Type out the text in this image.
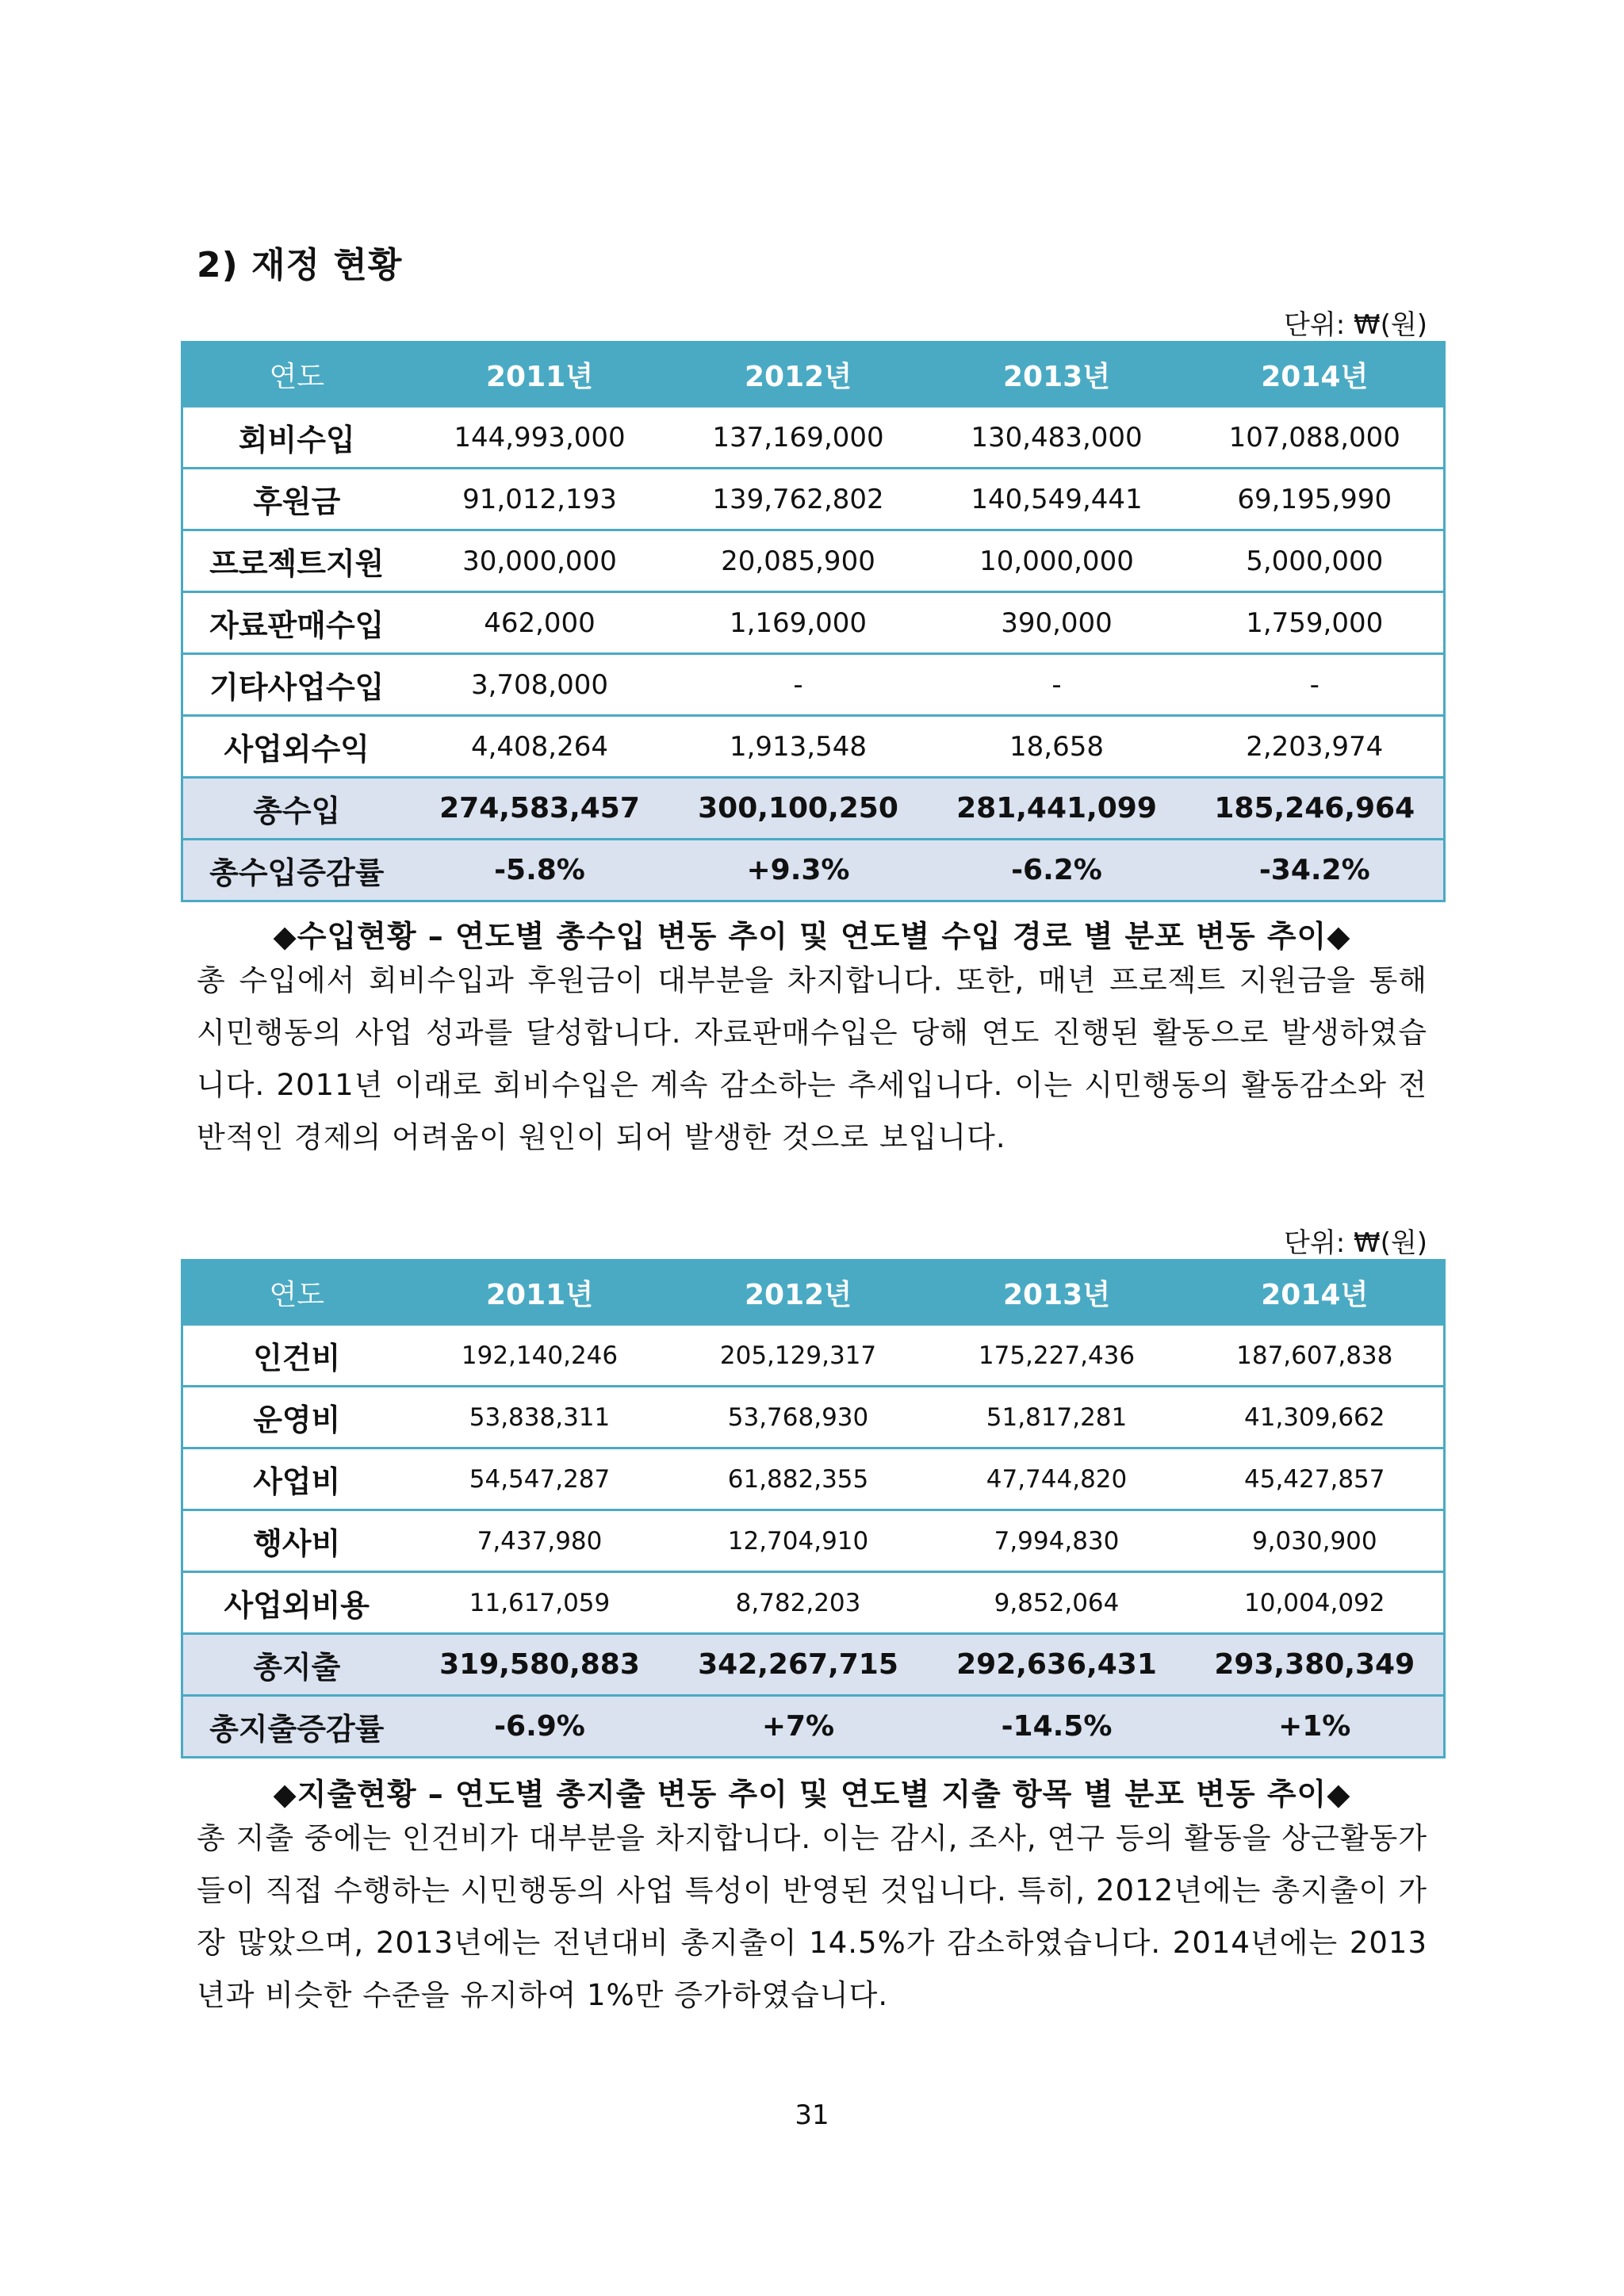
2) 재정 현황
단위: ₩(원)
연도	2011년	2012년	2013년	2014년
회비수입	144,993,000	137,169,000	130,483,000	107,088,000
후원금	91,012,193	139,762,802	140,549,441	69,195,990
프로젝트지원	30,000,000	20,085,900	10,000,000	5,000,000
자료판매수입	462,000	1,169,000	390,000	1,759,000
기타사업수입	3,708,000	-	-	-
사업외수익	4,408,264	1,913,548	18,658	2,203,974
총수입	274,583,457	300,100,250	281,441,099	185,246,964
총수입증감률	-5.8%	+9.3%	-6.2%	-34.2%

◆수입현황 – 연도별 총수입 변동 추이 및 연도별 수입 경로 별 분포 변동 추이◆

총 수입에서 회비수입과 후원금이 대부분을 차지합니다. 또한, 매년 프로젝트 지원금을 통해 시민행동의 사업 성과를 달성합니다. 자료판매수입은 당해 연도 진행된 활동으로 발생하였습니다. 2011년 이래로 회비수입은 계속 감소하는 추세입니다. 이는 시민행동의 활동감소와 전반적인 경제의 어려움이 원인이 되어 발생한 것으로 보입니다.

단위: ₩(원)
연도	2011년	2012년	2013년	2014년
인건비	192,140,246	205,129,317	175,227,436	187,607,838
운영비	53,838,311	53,768,930	51,817,281	41,309,662
사업비	54,547,287	61,882,355	47,744,820	45,427,857
행사비	7,437,980	12,704,910	7,994,830	9,030,900
사업외비용	11,617,059	8,782,203	9,852,064	10,004,092
총지출	319,580,883	342,267,715	292,636,431	293,380,349
총지출증감률	-6.9%	+7%	-14.5%	+1%

◆지출현황 – 연도별 총지출 변동 추이 및 연도별 지출 항목 별 분포 변동 추이◆

총 지출 중에는 인건비가 대부분을 차지합니다. 이는 감시, 조사, 연구 등의 활동을 상근활동가들이 직접 수행하는 시민행동의 사업 특성이 반영된 것입니다. 특히, 2012년에는 총지출이 가장 많았으며, 2013년에는 전년대비 총지출이 14.5%가 감소하였습니다. 2014년에는 2013년과 비슷한 수준을 유지하여 1%만 증가하였습니다.

31
